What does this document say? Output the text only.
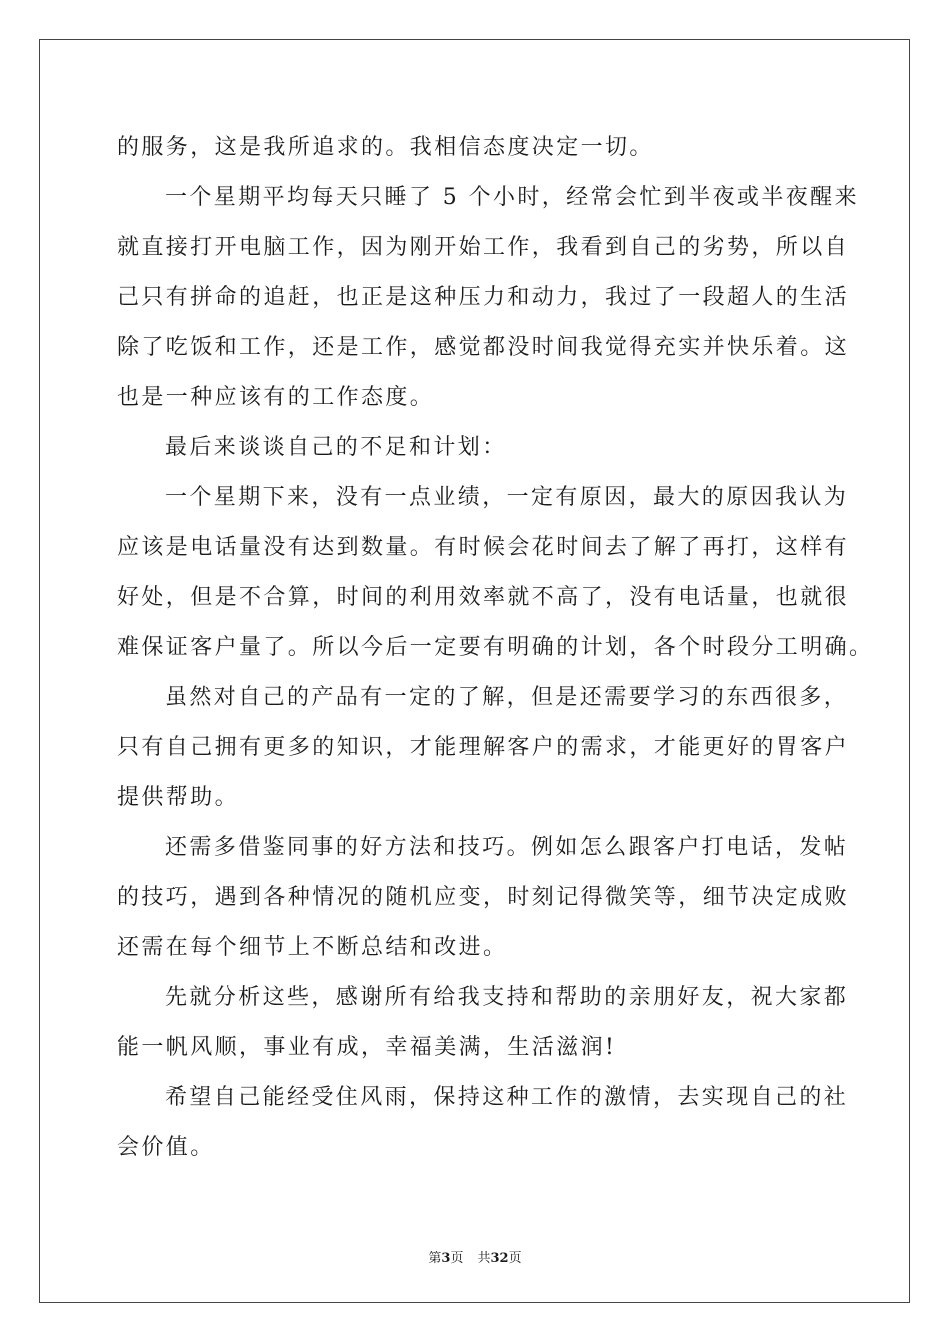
的服务，这是我所追求的。我相信态度决定一切。
一个星期平均每天只睡了 5 个小时，经常会忙到半夜或半夜醒来
就直接打开电脑工作，因为刚开始工作，我看到自己的劣势，所以自
己只有拼命的追赶，也正是这种压力和动力，我过了一段超人的生活
除了吃饭和工作，还是工作，感觉都没时间我觉得充实并快乐着。这
也是一种应该有的工作态度。
最后来谈谈自己的不足和计划：
一个星期下来，没有一点业绩，一定有原因，最大的原因我认为
应该是电话量没有达到数量。有时候会花时间去了解了再打，这样有
好处，但是不合算，时间的利用效率就不高了，没有电话量，也就很
难保证客户量了。所以今后一定要有明确的计划，各个时段分工明确。
虽然对自己的产品有一定的了解，但是还需要学习的东西很多，
只有自己拥有更多的知识，才能理解客户的需求，才能更好的胃客户
提供帮助。
还需多借鉴同事的好方法和技巧。例如怎么跟客户打电话，发帖
的技巧，遇到各种情况的随机应变，时刻记得微笑等，细节决定成败
还需在每个细节上不断总结和改进。
先就分析这些，感谢所有给我支持和帮助的亲朋好友，祝大家都
能一帆风顺，事业有成，幸福美满，生活滋润!
希望自己能经受住风雨，保持这种工作的激情，去实现自己的社
会价值。
第3页 共32页
